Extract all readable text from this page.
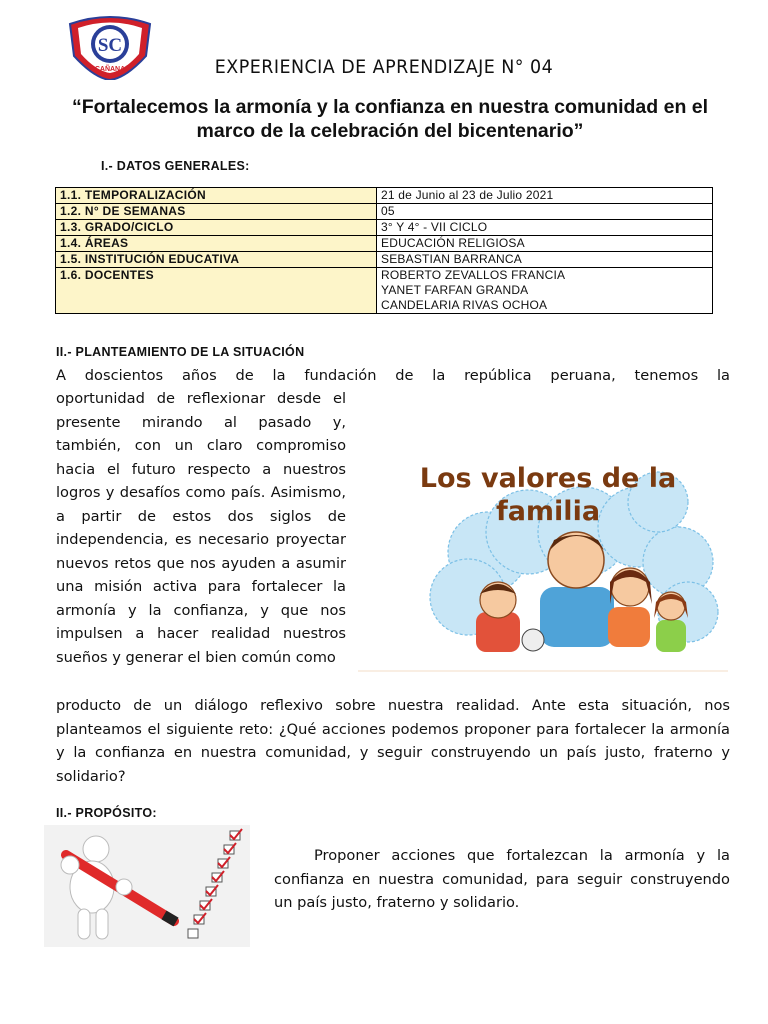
SC
CAÑANA	EXPERIENCIA DE APRENDIZAJE N° 04
“Fortalecemos la armonía y la confianza en nuestra comunidad en el marco de la celebración del bicentenario”
I.- DATOS GENERALES:
1.1. TEMPORALIZACIÓN	21 de Junio al 23 de Julio 2021
1.2. N° DE SEMANAS	05
1.3. GRADO/CICLO	3° Y 4° - VII CICLO
1.4. ÁREAS	EDUCACIÓN RELIGIOSA
1.5. INSTITUCIÓN EDUCATIVA	SEBASTIAN BARRANCA
1.6. DOCENTES	ROBERTO ZEVALLOS FRANCIA
YANET FARFAN GRANDA
CANDELARIA RIVAS OCHOA
II.- PLANTEAMIENTO DE LA SITUACIÓN
A doscientos años de la fundación de la república peruana, tenemos la
oportunidad de reflexionar desde el presente mirando al pasado y, también, con un claro compromiso hacia el futuro respecto a nuestros logros y desafíos como país. Asimismo, a partir de estos dos siglos de independencia, es necesario proyectar nuevos retos que nos ayuden a asumir una misión activa para fortalecer la armonía y la confianza, y que nos impulsen a hacer realidad nuestros sueños y generar el bien común como
Los valores de la
familia
producto de un diálogo reflexivo sobre nuestra realidad. Ante esta situación, nos planteamos el siguiente reto: ¿Qué acciones podemos proponer para fortalecer la armonía y la confianza en nuestra comunidad, y seguir construyendo un país justo, fraterno y solidario?
II.- PROPÓSITO:
Proponer acciones que fortalezcan la armonía y la confianza en nuestra comunidad, para seguir construyendo un país justo, fraterno y solidario.
